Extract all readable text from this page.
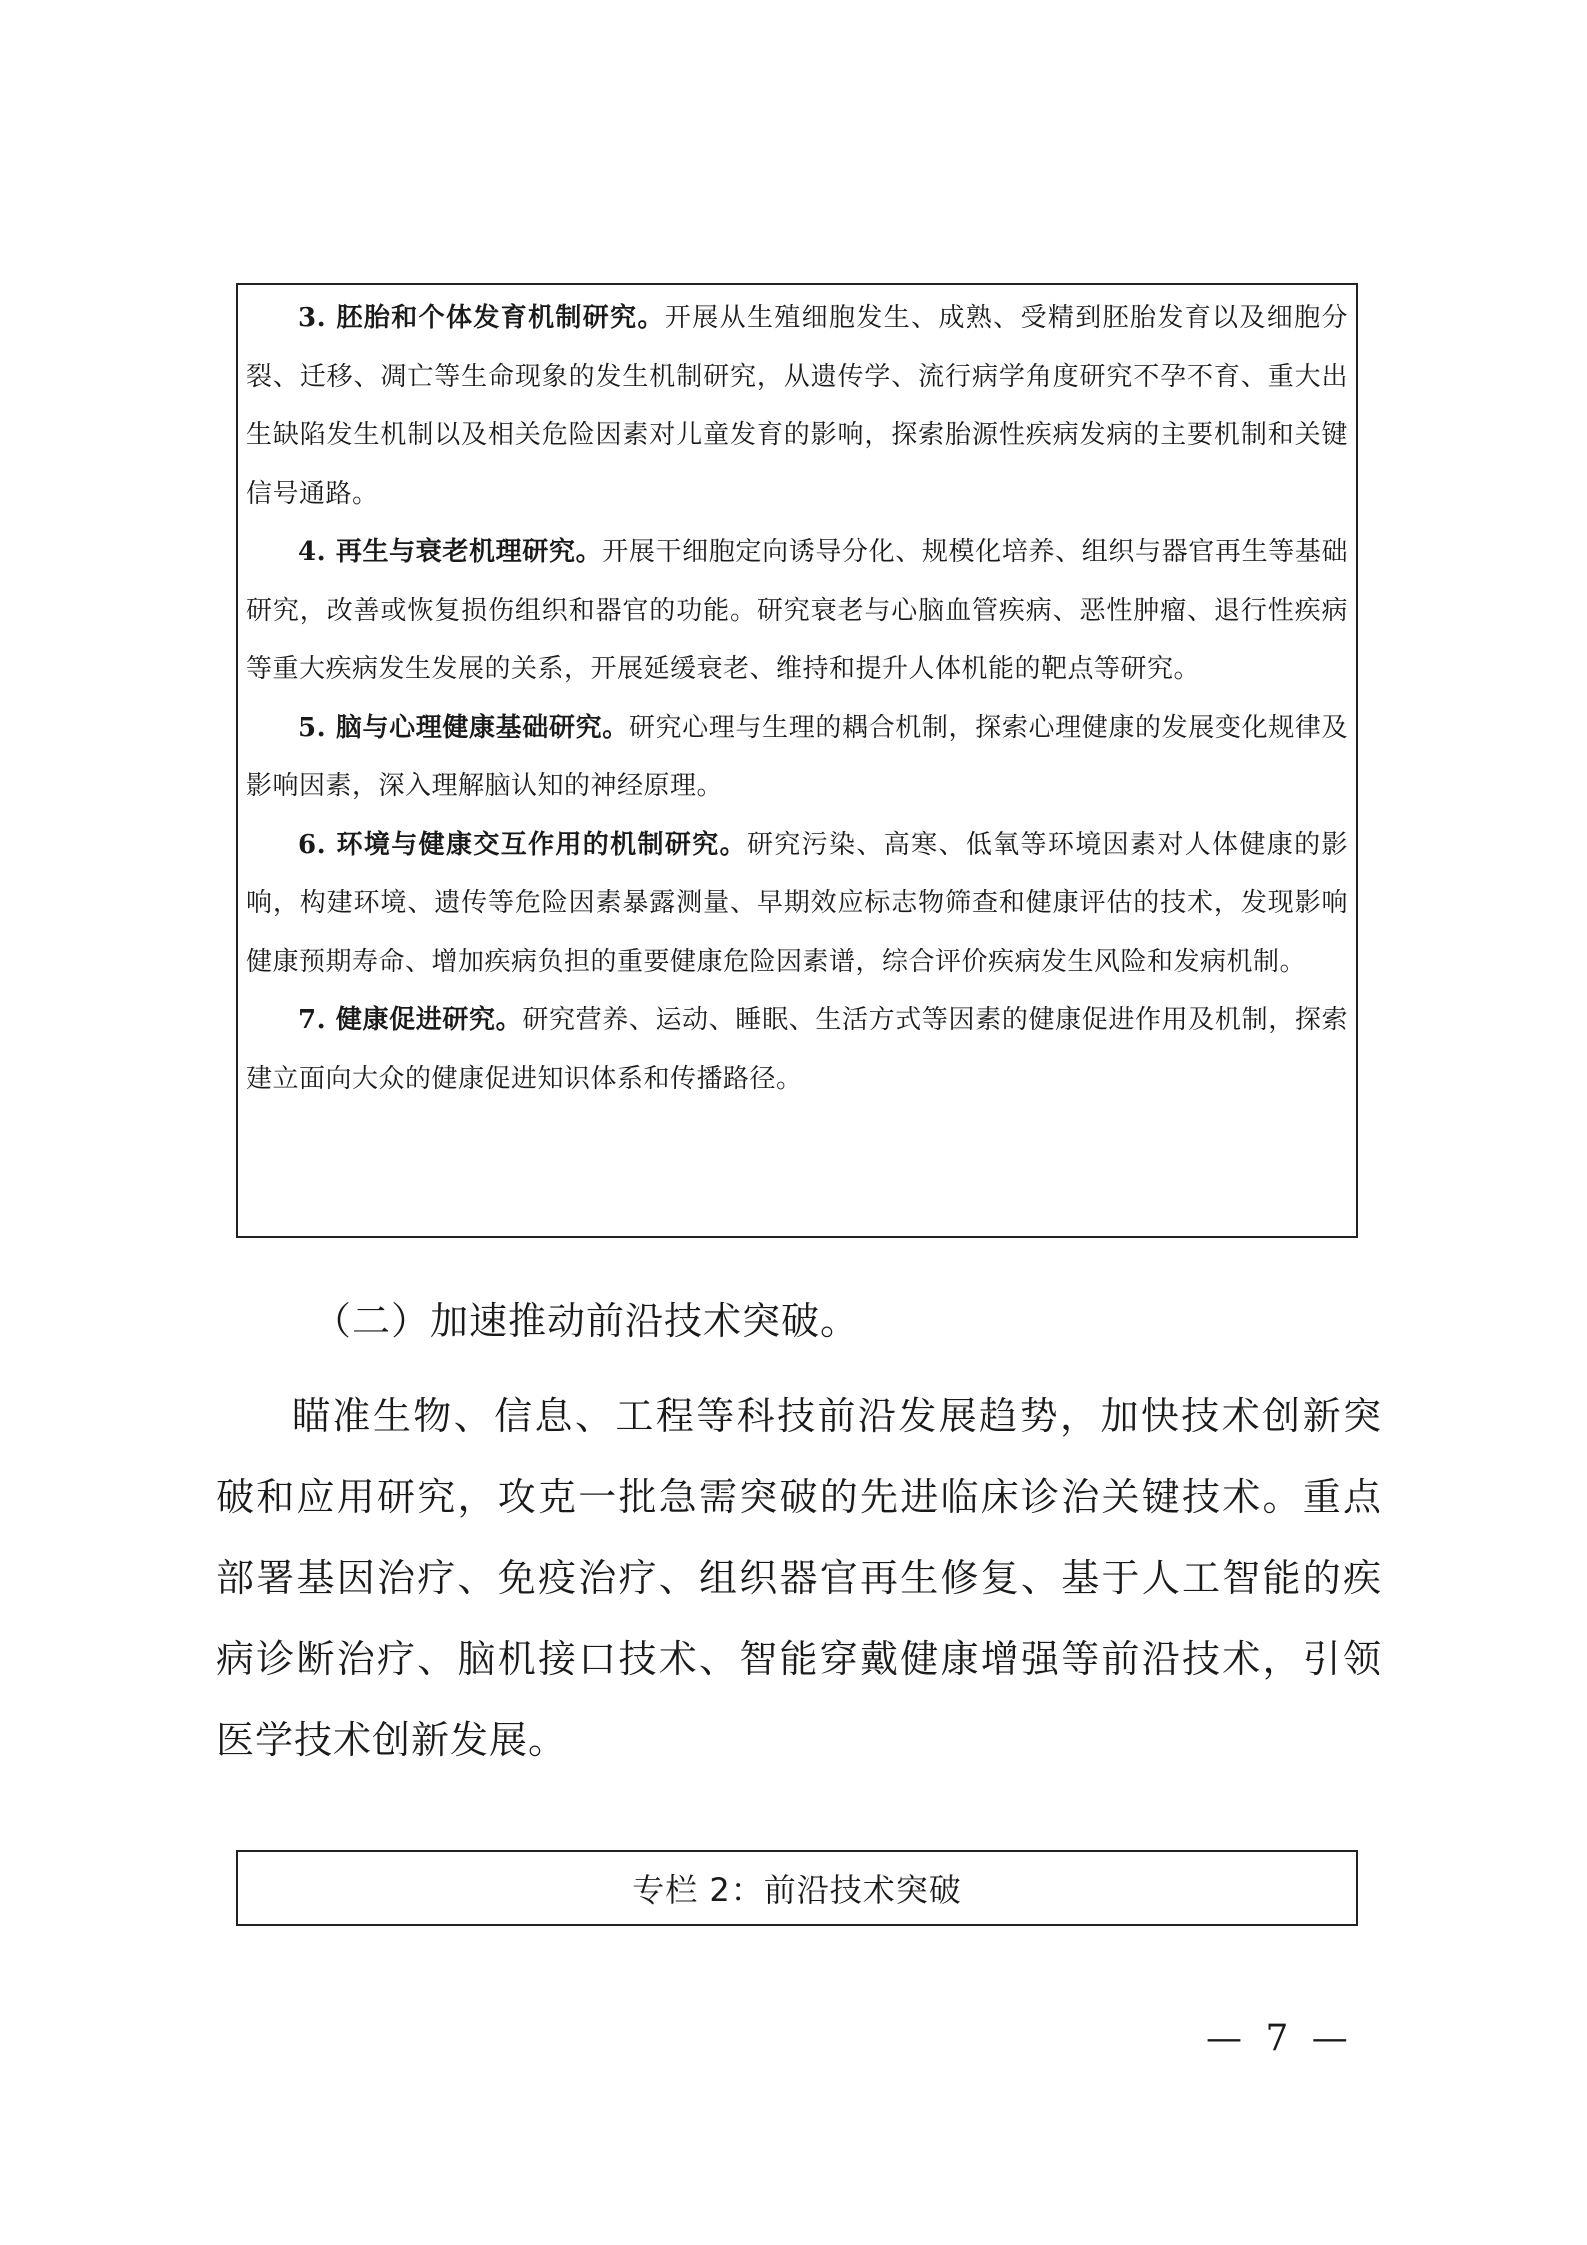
3. 胚胎和个体发育机制研究。开展从生殖细胞发生、成熟、受精到胚胎发育以及细胞分裂、迁移、凋亡等生命现象的发生机制研究，从遗传学、流行病学角度研究不孕不育、重大出生缺陷发生机制以及相关危险因素对儿童发育的影响，探索胎源性疾病发病的主要机制和关键信号通路。

4. 再生与衰老机理研究。开展干细胞定向诱导分化、规模化培养、组织与器官再生等基础研究，改善或恢复损伤组织和器官的功能。研究衰老与心脑血管疾病、恶性肿瘤、退行性疾病等重大疾病发生发展的关系，开展延缓衰老、维持和提升人体机能的靶点等研究。

5. 脑与心理健康基础研究。研究心理与生理的耦合机制，探索心理健康的发展变化规律及影响因素，深入理解脑认知的神经原理。

6. 环境与健康交互作用的机制研究。研究污染、高寒、低氧等环境因素对人体健康的影响，构建环境、遗传等危险因素暴露测量、早期效应标志物筛查和健康评估的技术，发现影响健康预期寿命、增加疾病负担的重要健康危险因素谱，综合评价疾病发生风险和发病机制。

7. 健康促进研究。研究营养、运动、睡眠、生活方式等因素的健康促进作用及机制，探索建立面向大众的健康促进知识体系和传播路径。

（二）加速推动前沿技术突破。

瞄准生物、信息、工程等科技前沿发展趋势，加快技术创新突破和应用研究，攻克一批急需突破的先进临床诊治关键技术。重点部署基因治疗、免疫治疗、组织器官再生修复、基于人工智能的疾病诊断治疗、脑机接口技术、智能穿戴健康增强等前沿技术，引领医学技术创新发展。

专栏 2：前沿技术突破
— 7 —
